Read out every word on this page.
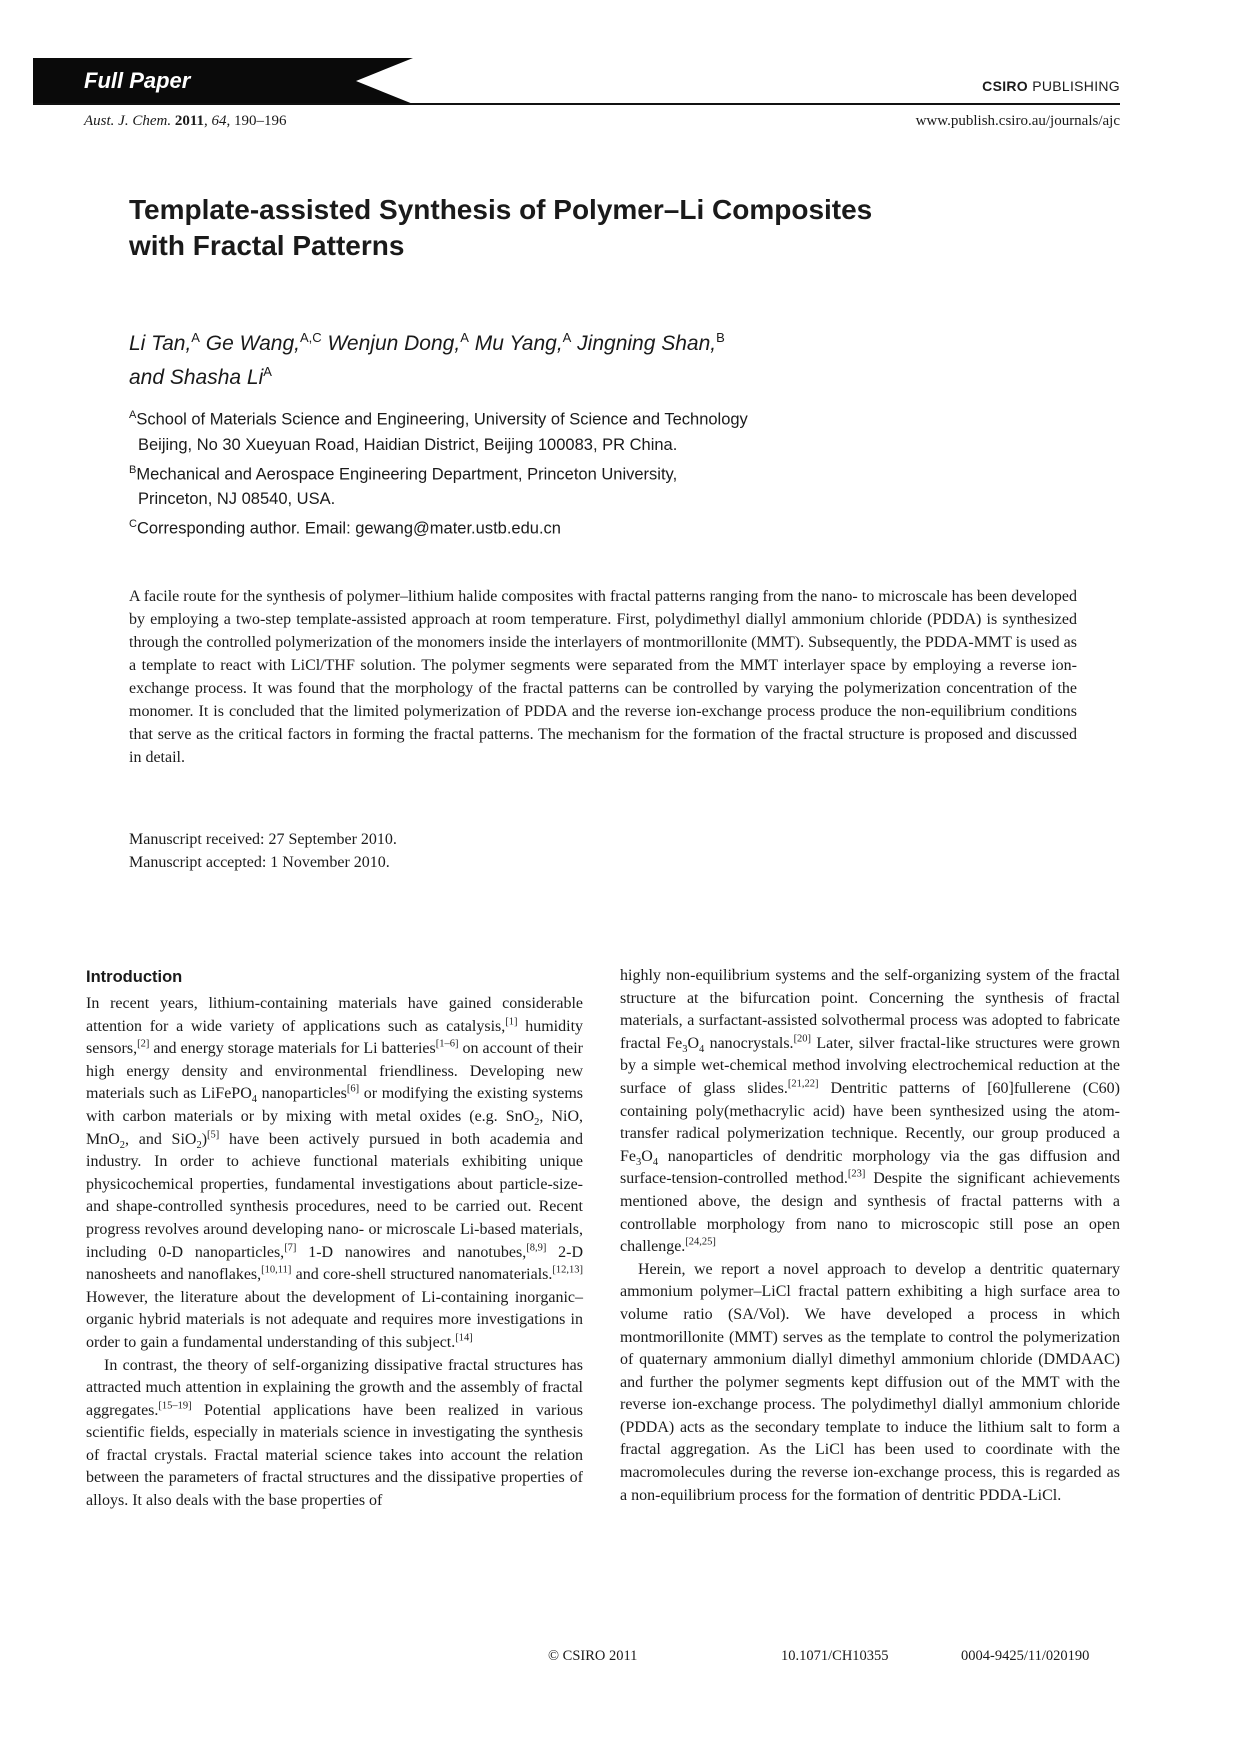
Full Paper	CSIRO PUBLISHING
Aust. J. Chem. 2011, 64, 190–196	www.publish.csiro.au/journals/ajc
Template-assisted Synthesis of Polymer–Li Composites
with Fractal Patterns
Li Tan,$^A$ Ge Wang,$^{A,C}$ Wenjun Dong,$^A$ Mu Yang,$^A$ Jingning Shan,$^B$
and Shasha $Li^A$
$^A$School of Materials Science and Engineering, University of Science and Technology
Beijing, No 30 Xueyuan Road, Haidian District, Beijing 100083, PR China.
$^B$Mechanical and Aerospace Engineering Department, Princeton University,
Princeton, NJ 08540, USA.
$^C$Corresponding author. Email: gewang@mater.ustb.edu.cn
A facile route for the synthesis of polymer–lithium halide composites with fractal patterns ranging from the nano- to microscale has been developed by employing a two-step template-assisted approach at room temperature. First, polydimethyl diallyl ammonium chloride (PDDA) is synthesized through the controlled polymerization of the monomers inside the interlayers of montmorillonite (MMT). Subsequently, the PDDA-MMT is used as a template to react with LiCl/THF solution. The polymer segments were separated from the MMT interlayer space by employing a reverse ion-exchange process. It was found that the morphology of the fractal patterns can be controlled by varying the polymerization concentration of the monomer. It is concluded that the limited polymerization of PDDA and the reverse ion-exchange process produce the non-equilibrium conditions that serve as the critical factors in forming the fractal patterns. The mechanism for the formation of the fractal structure is proposed and discussed in detail.
Manuscript received: 27 September 2010.
Manuscript accepted: 1 November 2010.
Introduction

In recent years, lithium-containing materials have gained considerable attention for a wide variety of applications such as catalysis,[1] humidity sensors,[2] and energy storage materials for Li batteries[1–6] on account of their high energy density and environmental friendliness. Developing new materials such as LiFePO$_4$ nanoparticles[6] or modifying the existing systems with carbon materials or by mixing with metal oxides (e.g. SnO$_2$, NiO, MnO$_2$, and SiO$_2$)[5] have been actively pursued in both academia and industry. In order to achieve functional materials exhibiting unique physicochemical properties, fundamental investigations about particle-size- and shape-controlled synthesis procedures, need to be carried out. Recent progress revolves around developing nano- or microscale Li-based materials, including 0-D nanoparticles,[7] 1-D nanowires and nanotubes,[8,9] 2-D nanosheets and nanoflakes,[10,11] and core-shell structured nanomaterials.[12,13] However, the literature about the development of Li-containing inorganic–organic hybrid materials is not adequate and requires more investigations in order to gain a fundamental understanding of this subject.[14]

In contrast, the theory of self-organizing dissipative fractal structures has attracted much attention in explaining the growth and the assembly of fractal aggregates.[15–19] Potential applications have been realized in various scientific fields, especially in materials science in investigating the synthesis of fractal crystals. Fractal material science takes into account the relation between the parameters of fractal structures and the dissipative properties of alloys. It also deals with the base properties of

highly non-equilibrium systems and the self-organizing system of the fractal structure at the bifurcation point. Concerning the synthesis of fractal materials, a surfactant-assisted solvothermal process was adopted to fabricate fractal $Fe_3O_4$ nanocrystals.[20] Later, silver fractal-like structures were grown by a simple wet-chemical method involving electrochemical reduction at the surface of glass slides.[21,22] Dentritic patterns of [60]fullerene (C60) containing poly(methacrylic acid) have been synthesized using the atom-transfer radical polymerization technique. Recently, our group produced a $Fe_3O_4$ nanoparticles of dendritic morphology via the gas diffusion and surface-tension-controlled method.[23] Despite the significant achievements mentioned above, the design and synthesis of fractal patterns with a controllable morphology from nano to microscopic still pose an open challenge.[24,25]

Herein, we report a novel approach to develop a dentritic quaternary ammonium polymer–LiCl fractal pattern exhibiting a high surface area to volume ratio (SA/Vol). We have developed a process in which montmorillonite (MMT) serves as the template to control the polymerization of quaternary ammonium diallyl dimethyl ammonium chloride (DMDAAC) and further the polymer segments kept diffusion out of the MMT with the reverse ion-exchange process. The polydimethyl diallyl ammonium chloride (PDDA) acts as the secondary template to induce the lithium salt to form a fractal aggregation. As the LiCl has been used to coordinate with the macromolecules during the reverse ion-exchange process, this is regarded as a non-equilibrium process for the formation of dentritic PDDA-LiCl.

© CSIRO 2011	10.1071/CH10355	0004-9425/11/020190
